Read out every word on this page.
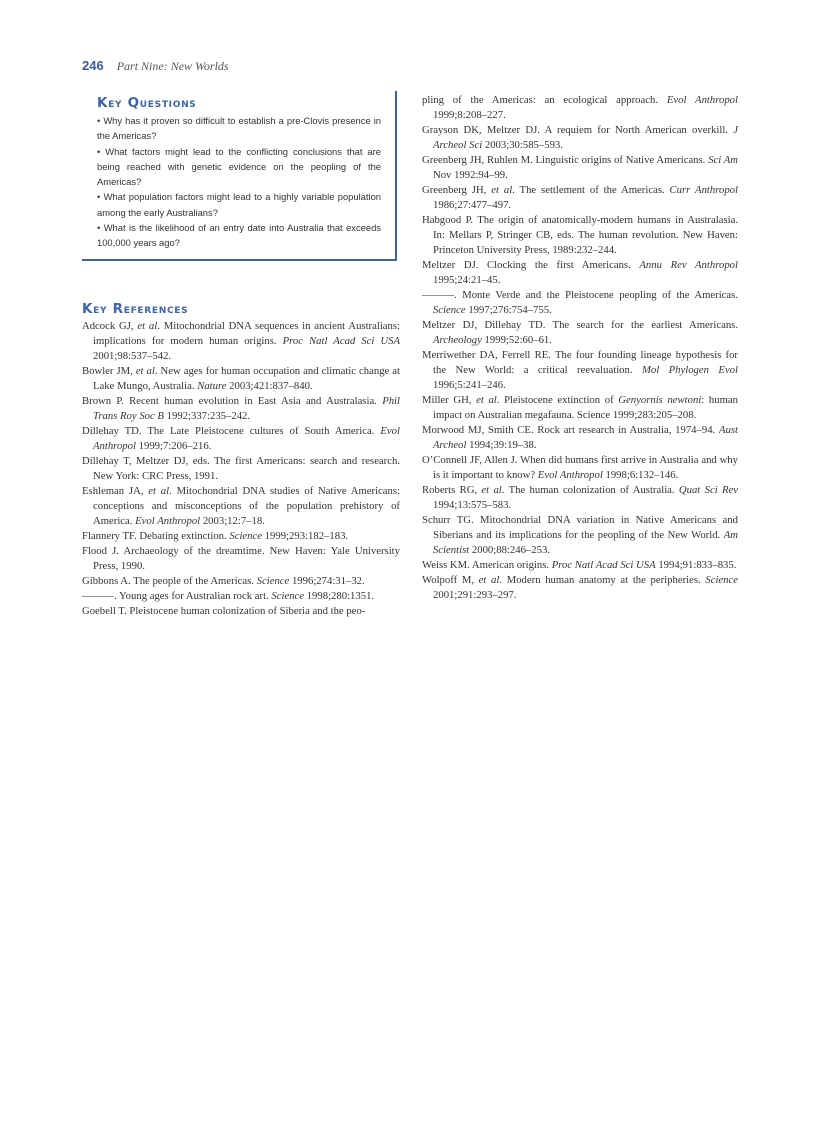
246 Part Nine: New Worlds
Key Questions
• Why has it proven so difficult to establish a pre-Clovis presence in the Americas?
• What factors might lead to the conflicting conclusions that are being reached with genetic evidence on the peopling of the Americas?
• What population factors might lead to a highly variable population among the early Australians?
• What is the likelihood of an entry date into Australia that exceeds 100,000 years ago?
Key References

Adcock GJ, et al. Mitochondrial DNA sequences in ancient Australians: implications for modern human origins. Proc Natl Acad Sci USA 2001;98:537–542.

Bowler JM, et al. New ages for human occupation and climatic change at Lake Mungo, Australia. Nature 2003;421:837–840.

Brown P. Recent human evolution in East Asia and Australasia. Phil Trans Roy Soc B 1992;337:235–242.

Dillehay TD. The Late Pleistocene cultures of South America. Evol Anthropol 1999;7:206–216.

Dillehay T, Meltzer DJ, eds. The first Americans: search and research. New York: CRC Press, 1991.

Eshleman JA, et al. Mitochondrial DNA studies of Native Americans: conceptions and misconceptions of the population prehistory of America. Evol Anthropol 2003;12:7–18.

Flannery TF. Debating extinction. Science 1999;293:182–183.

Flood J. Archaeology of the dreamtime. New Haven: Yale University Press, 1990.

Gibbons A. The people of the Americas. Science 1996;274:31–32.

———. Young ages for Australian rock art. Science 1998;280:1351.

Goebell T. Pleistocene human colonization of Siberia and the peo-

pling of the Americas: an ecological approach. Evol Anthropol 1999;8:208–227.

Grayson DK, Meltzer DJ. A requiem for North American overkill. J Archeol Sci 2003;30:585–593.

Greenberg JH, Ruhlen M. Linguistic origins of Native Americans. Sci Am Nov 1992:94–99.

Greenberg JH, et al. The settlement of the Americas. Curr Anthropol 1986;27:477–497.

Habgood P. The origin of anatomically-modern humans in Australasia. In: Mellars P, Stringer CB, eds. The human revolution. New Haven: Princeton University Press, 1989:232–244.

Meltzer DJ. Clocking the first Americans. Annu Rev Anthropol 1995;24:21–45.

———. Monte Verde and the Pleistocene peopling of the Americas. Science 1997;276:754–755.

Meltzer DJ, Dillehay TD. The search for the earliest Americans. Archeology 1999;52:60–61.

Merriwether DA, Ferrell RE. The four founding lineage hypothesis for the New World: a critical reevaluation. Mol Phylogen Evol 1996;5:241–246.

Miller GH, et al. Pleistocene extinction of Genyornis newtoni: human impact on Australian megafauna. Science 1999;283:205–208.

Morwood MJ, Smith CE. Rock art research in Australia, 1974–94. Aust Archeol 1994;39:19–38.

O’Connell JF, Allen J. When did humans first arrive in Australia and why is it important to know? Evol Anthropol 1998;6:132–146.

Roberts RG, et al. The human colonization of Australia. Quat Sci Rev 1994;13:575–583.

Schurr TG. Mitochondrial DNA variation in Native Americans and Siberians and its implications for the peopling of the New World. Am Scientist 2000;88:246–253.

Weiss KM. American origins. Proc Natl Acad Sci USA 1994;91:833–835.

Wolpoff M, et al. Modern human anatomy at the peripheries. Science 2001;291:293–297.
